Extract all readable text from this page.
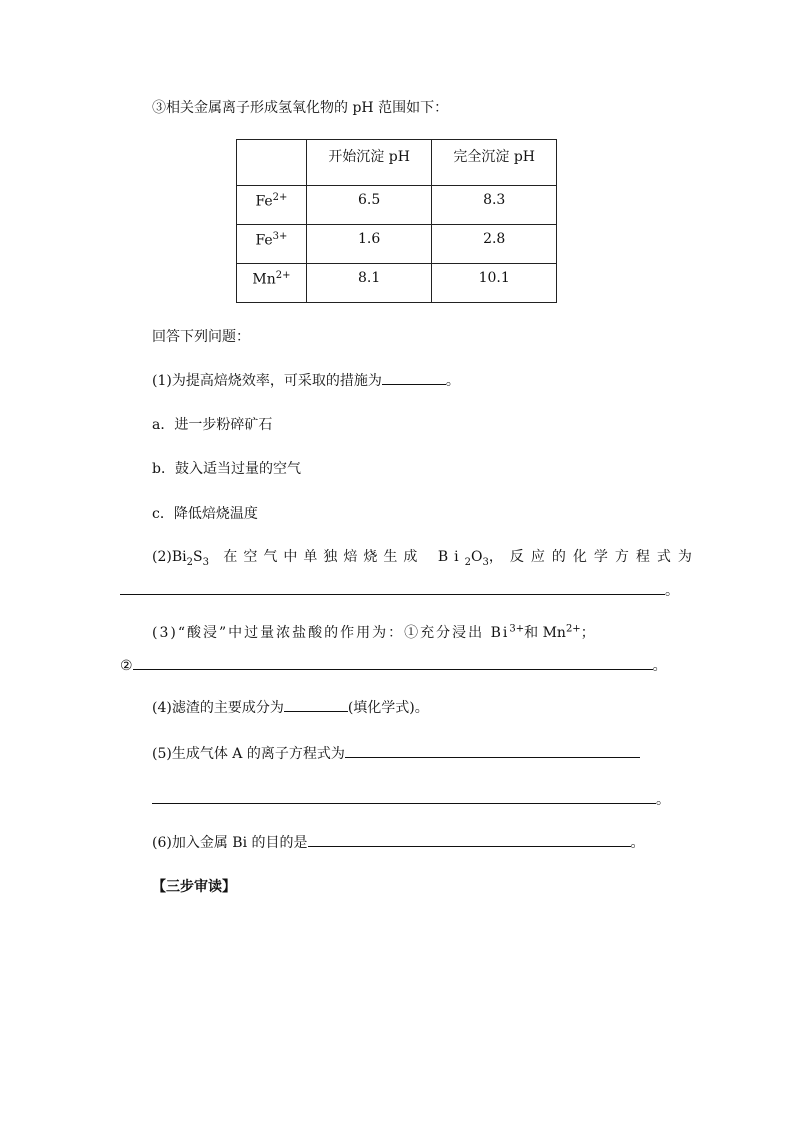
③相关金属离子形成氢氧化物的 pH 范围如下：
	开始沉淀 pH	完全沉淀 pH
$Fe^{2+}$	6.5	8.3
$Fe^{3+}$	1.6	2.8
$Mn^{2+}$	8.1	10.1
回答下列问题：
(1)为提高焙烧效率，可采取的措施为	。
a．进一步粉碎矿石
b．鼓入适当过量的空气
c．降低焙烧温度
$(2)Bi_2S_3$ 在空气中单独焙烧生成 $Bi_2O_3$，反应的化学方程式为
。
(3)“酸浸”中过量浓盐酸的作用为：①充分浸出 $Bi^{3+}$和 $Mn^{2+}$；
②	。
(4)滤渣的主要成分为	(填化学式)。
(5)生成气体 A 的离子方程式为
。
(6)加入金属 Bi 的目的是	。
【三步审读】
